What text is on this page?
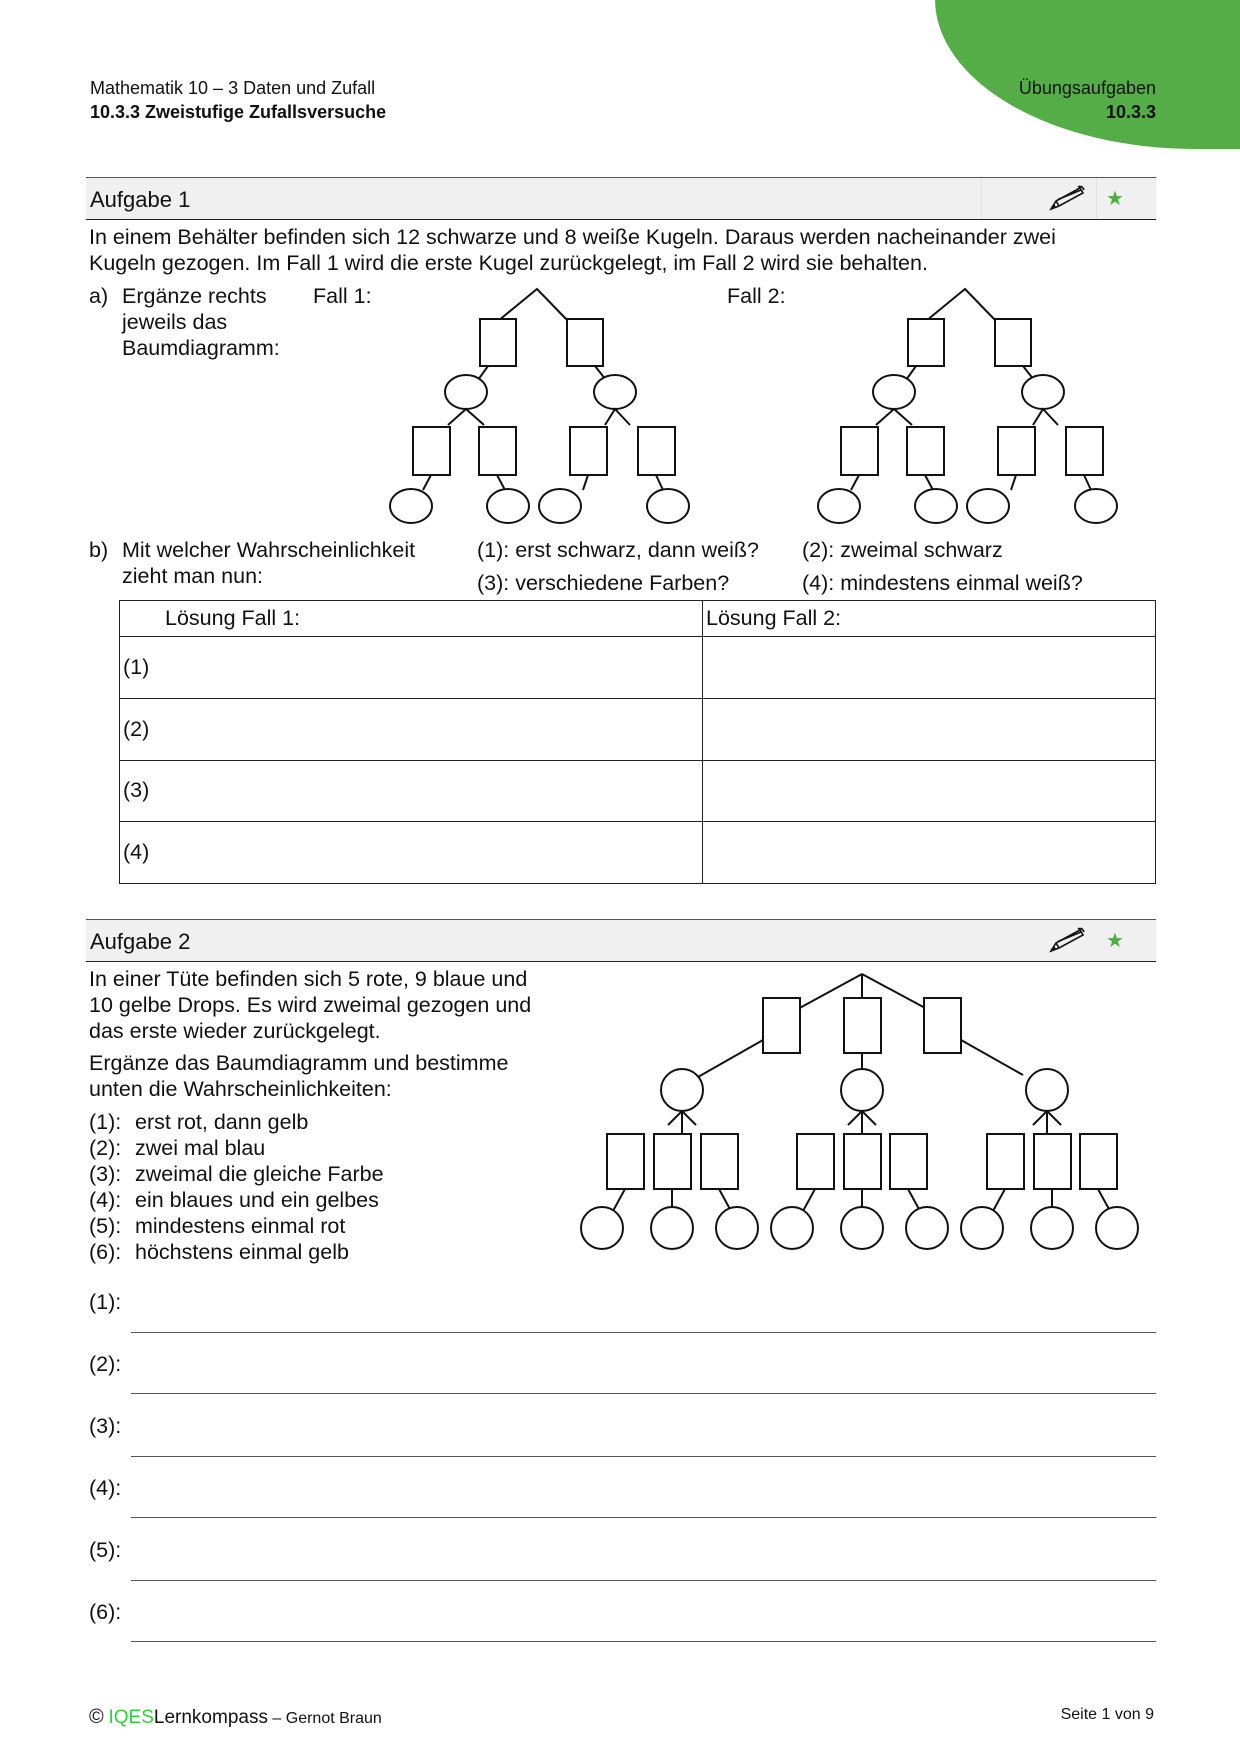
Mathematik 10 – 3 Daten und Zufall
10.3.3 Zweistufige Zufallsversuche
Übungsaufgaben
10.3.3
Aufgabe 1	★
In einem Behälter befinden sich 12 schwarze und 8 weiße Kugeln. Daraus werden nacheinander zwei
Kugeln gezogen. Im Fall 1 wird die erste Kugel zurückgelegt, im Fall 2 wird sie behalten.
a) Ergänze rechts
jeweils das
Baumdiagramm:
Fall 1:	Fall 2:
b) Mit welcher Wahrscheinlichkeit
zieht man nun:
(1): erst schwarz, dann weiß? (2): zweimal schwarz
(3): verschiedene Farben?	(4): mindestens einmal weiß?
Lösung Fall 1:	Lösung Fall 2:
(1)	
(2)	
(3)	
(4)	
Aufgabe 2	★
In einer Tüte befinden sich 5 rote, 9 blaue und
10 gelbe Drops. Es wird zweimal gezogen und
das erste wieder zurückgelegt.
Ergänze das Baumdiagramm und bestimme
unten die Wahrscheinlichkeiten:
(1): erst rot, dann gelb
(2): zwei mal blau
(3): zweimal die gleiche Farbe
(4): ein blaues und ein gelbes
(5): mindestens einmal rot
(6): höchstens einmal gelb
(1):
(2):
(3):
(4):
(5):
(6):
© IQESLernkompass – Gernot Braun	Seite 1 von 9
